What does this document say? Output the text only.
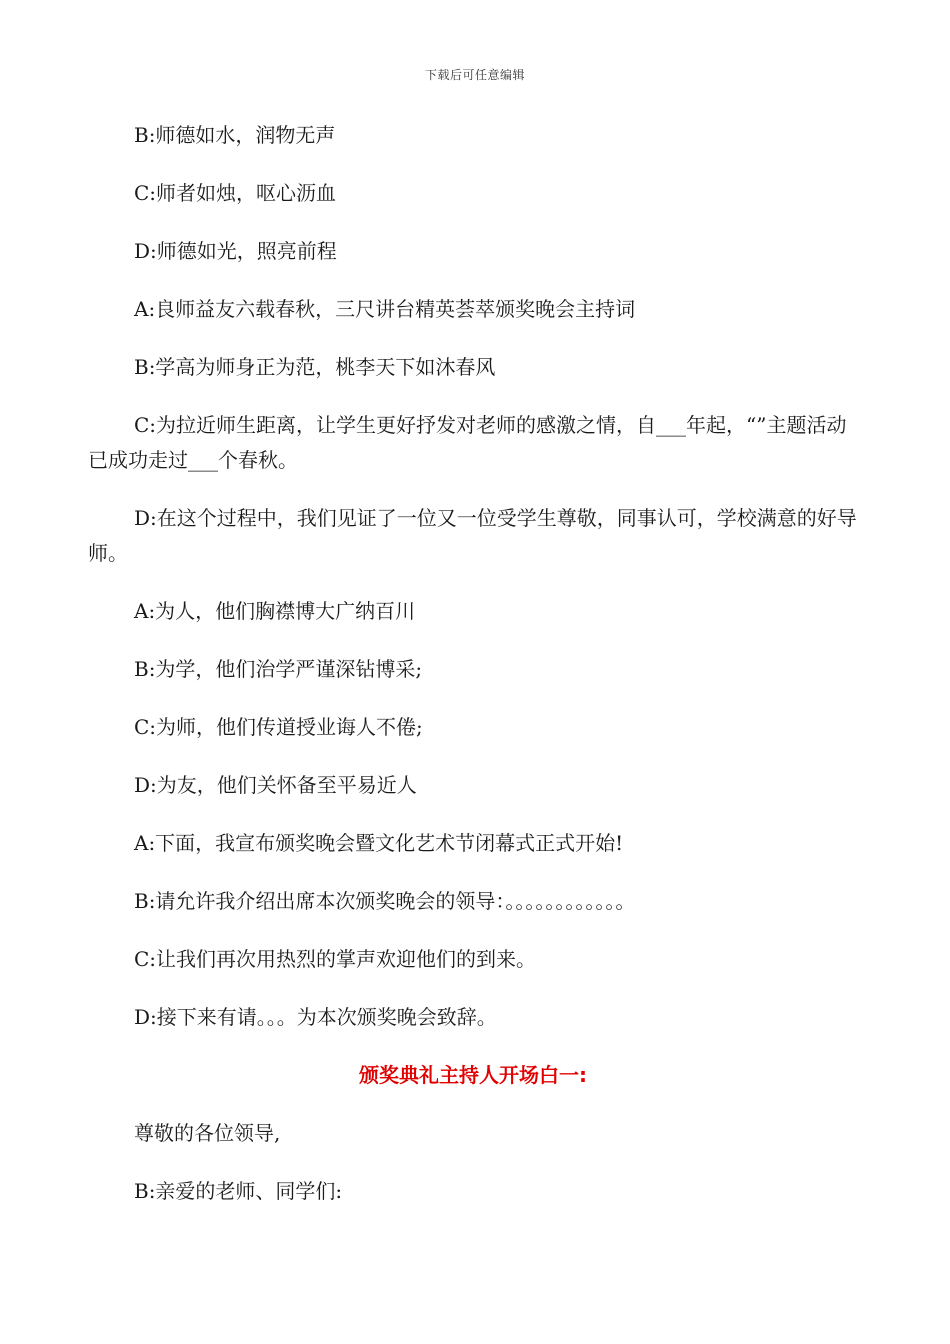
下载后可任意编辑

B:师德如水，润物无声

C:师者如烛，呕心沥血

D:师德如光，照亮前程

A:良师益友六载春秋，三尺讲台精英荟萃颁奖晚会主持词

B:学高为师身正为范，桃李天下如沐春风

C:为拉近师生距离，让学生更好抒发对老师的感激之情，自___年起，“”主题活动已成功走过___个春秋。

D:在这个过程中，我们见证了一位又一位受学生尊敬，同事认可，学校满意的好导师。

A:为人，他们胸襟博大广纳百川

B:为学，他们治学严谨深钻博采;

C:为师，他们传道授业诲人不倦;

D:为友，他们关怀备至平易近人

A:下面，我宣布颁奖晚会暨文化艺术节闭幕式正式开始!

B:请允许我介绍出席本次颁奖晚会的领导：。。。。。。。。。。。。

C:让我们再次用热烈的掌声欢迎他们的到来。

D:接下来有请。。。为本次颁奖晚会致辞。

颁奖典礼主持人开场白一:

尊敬的各位领导,

B:亲爱的老师、同学们:
